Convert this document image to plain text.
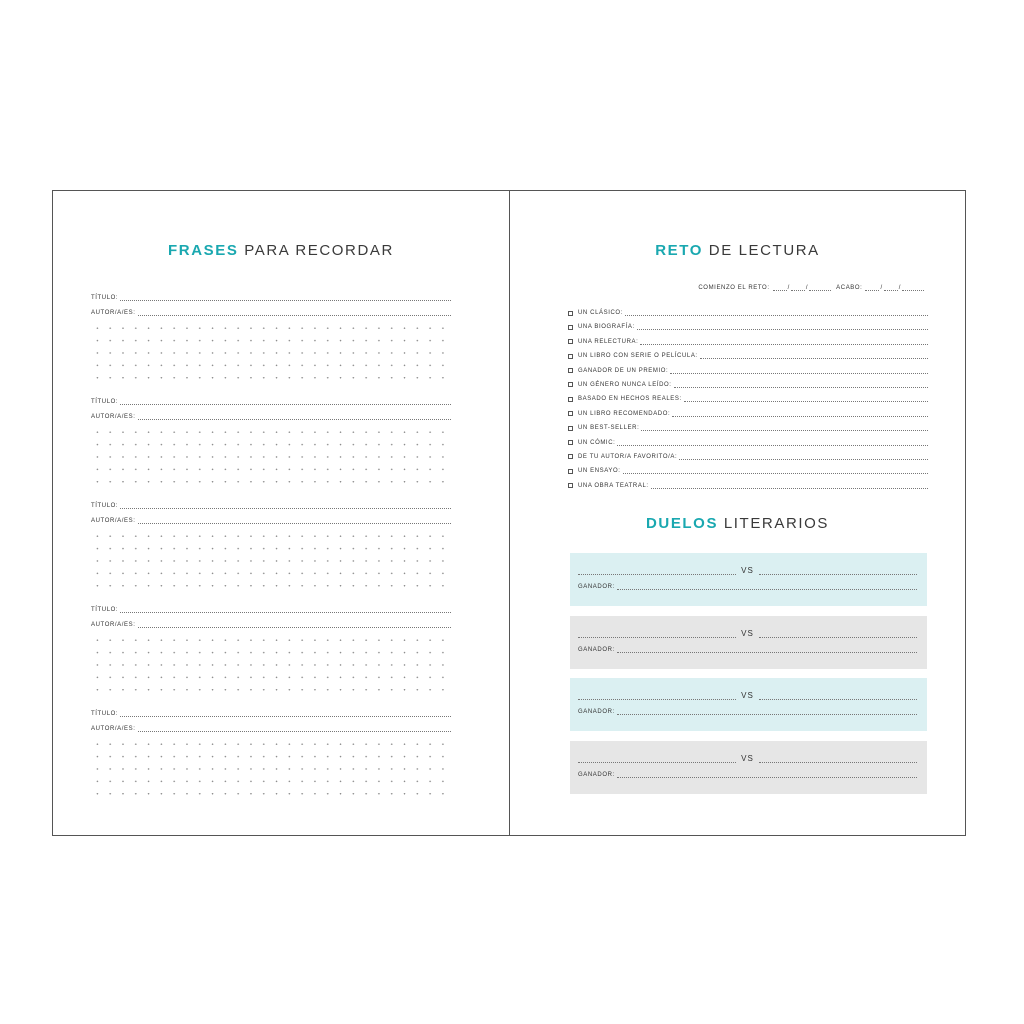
FRASES PARA RECORDAR
TÍTULO:
AUTOR/A/ES:
TÍTULO:
AUTOR/A/ES:
TÍTULO:
AUTOR/A/ES:
TÍTULO:
AUTOR/A/ES:
TÍTULO:
AUTOR/A/ES:
RETO DE LECTURA
COMIENZO EL RETO:	/	/	ACABO:	/	/
UN CLÁSICO:
UNA BIOGRAFÍA:
UNA RELECTURA:
UN LIBRO CON SERIE O PELÍCULA:
GANADOR DE UN PREMIO:
UN GÉNERO NUNCA LEÍDO:
BASADO EN HECHOS REALES:
UN LIBRO RECOMENDADO:
UN BEST-SELLER:
UN CÓMIC:
DE TU AUTOR/A FAVORITO/A:
UN ENSAYO:
UNA OBRA TEATRAL:
DUELOS LITERARIOS
VS
GANADOR:
VS
GANADOR:
VS
GANADOR:
VS
GANADOR:
